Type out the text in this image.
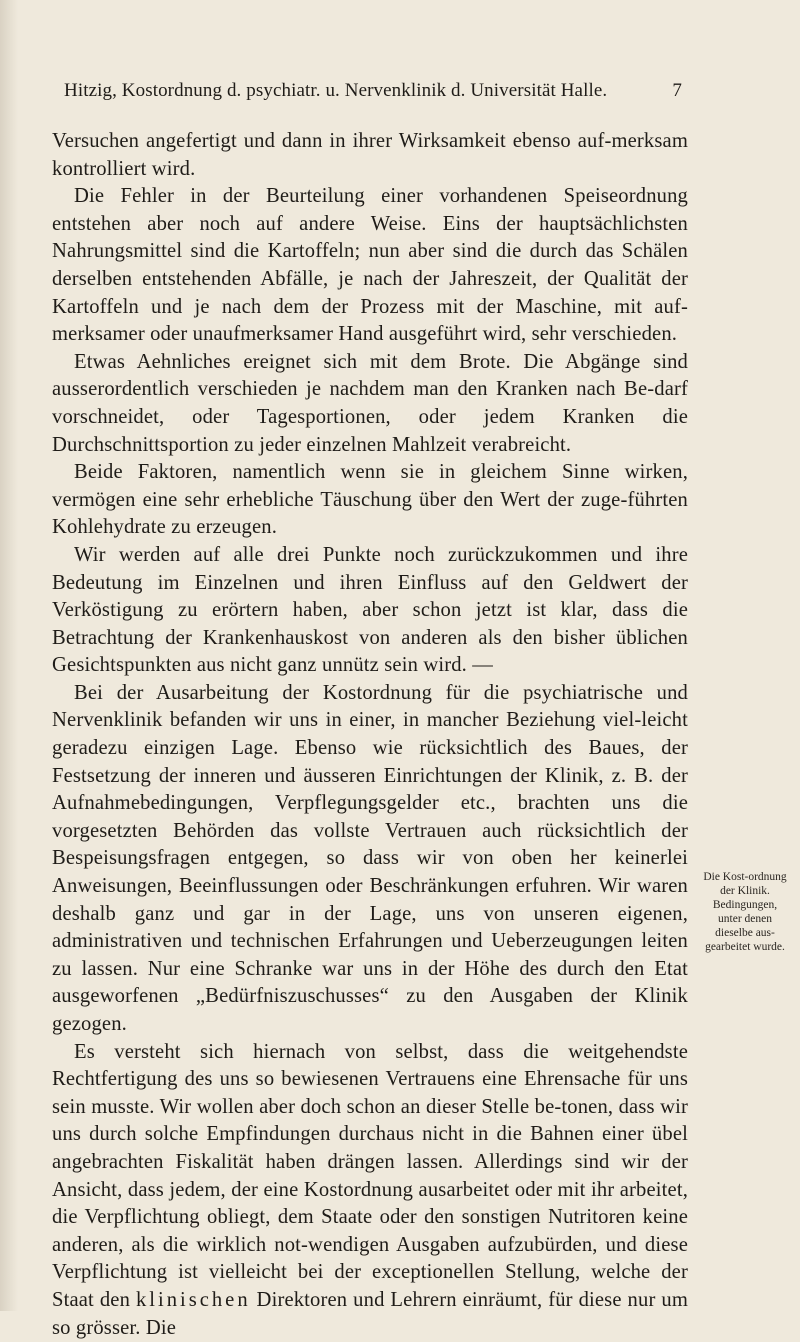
Hitzig, Kostordnung d. psychiatr. u. Nervenklinik d. Universität Halle.	7

Versuchen angefertigt und dann in ihrer Wirksamkeit ebenso auf-merksam kontrolliert wird.

Die Fehler in der Beurteilung einer vorhandenen Speiseordnung entstehen aber noch auf andere Weise. Eins der hauptsächlichsten Nahrungsmittel sind die Kartoffeln; nun aber sind die durch das Schälen derselben entstehenden Abfälle, je nach der Jahreszeit, der Qualität der Kartoffeln und je nach dem der Prozess mit der Maschine, mit auf-merksamer oder unaufmerksamer Hand ausgeführt wird, sehr verschieden.

Etwas Aehnliches ereignet sich mit dem Brote. Die Abgänge sind ausserordentlich verschieden je nachdem man den Kranken nach Be-darf vorschneidet, oder Tagesportionen, oder jedem Kranken die Durchschnittsportion zu jeder einzelnen Mahlzeit verabreicht.

Beide Faktoren, namentlich wenn sie in gleichem Sinne wirken, vermögen eine sehr erhebliche Täuschung über den Wert der zuge-führten Kohlehydrate zu erzeugen.

Wir werden auf alle drei Punkte noch zurückzukommen und ihre Bedeutung im Einzelnen und ihren Einfluss auf den Geldwert der Verköstigung zu erörtern haben, aber schon jetzt ist klar, dass die Betrachtung der Krankenhauskost von anderen als den bisher üblichen Gesichtspunkten aus nicht ganz unnütz sein wird. —

Bei der Ausarbeitung der Kostordnung für die psychiatrische und Nervenklinik befanden wir uns in einer, in mancher Beziehung viel-leicht geradezu einzigen Lage. Ebenso wie rücksichtlich des Baues, der Festsetzung der inneren und äusseren Einrichtungen der Klinik, z. B. der Aufnahmebedingungen, Verpflegungsgelder etc., brachten uns die vorgesetzten Behörden das vollste Vertrauen auch rücksichtlich der Bespeisungsfragen entgegen, so dass wir von oben her keinerlei Anweisungen, Beeinflussungen oder Beschränkungen erfuhren. Wir waren deshalb ganz und gar in der Lage, uns von unseren eigenen, administrativen und technischen Erfahrungen und Ueberzeugungen leiten zu lassen. Nur eine Schranke war uns in der Höhe des durch den Etat ausgeworfenen „Bedürfniszuschusses“ zu den Ausgaben der Klinik gezogen.

Es versteht sich hiernach von selbst, dass die weitgehendste Rechtfertigung des uns so bewiesenen Vertrauens eine Ehrensache für uns sein musste. Wir wollen aber doch schon an dieser Stelle be-tonen, dass wir uns durch solche Empfindungen durchaus nicht in die Bahnen einer übel angebrachten Fiskalität haben drängen lassen. Allerdings sind wir der Ansicht, dass jedem, der eine Kostordnung ausarbeitet oder mit ihr arbeitet, die Verpflichtung obliegt, dem Staate oder den sonstigen Nutritoren keine anderen, als die wirklich not-wendigen Ausgaben aufzubürden, und diese Verpflichtung ist vielleicht bei der exceptionellen Stellung, welche der Staat den klinischen Direktoren und Lehrern einräumt, für diese nur um so grösser. Die

Die Kost-ordnung der Klinik. Bedingungen, unter denen dieselbe aus-gearbeitet wurde.
